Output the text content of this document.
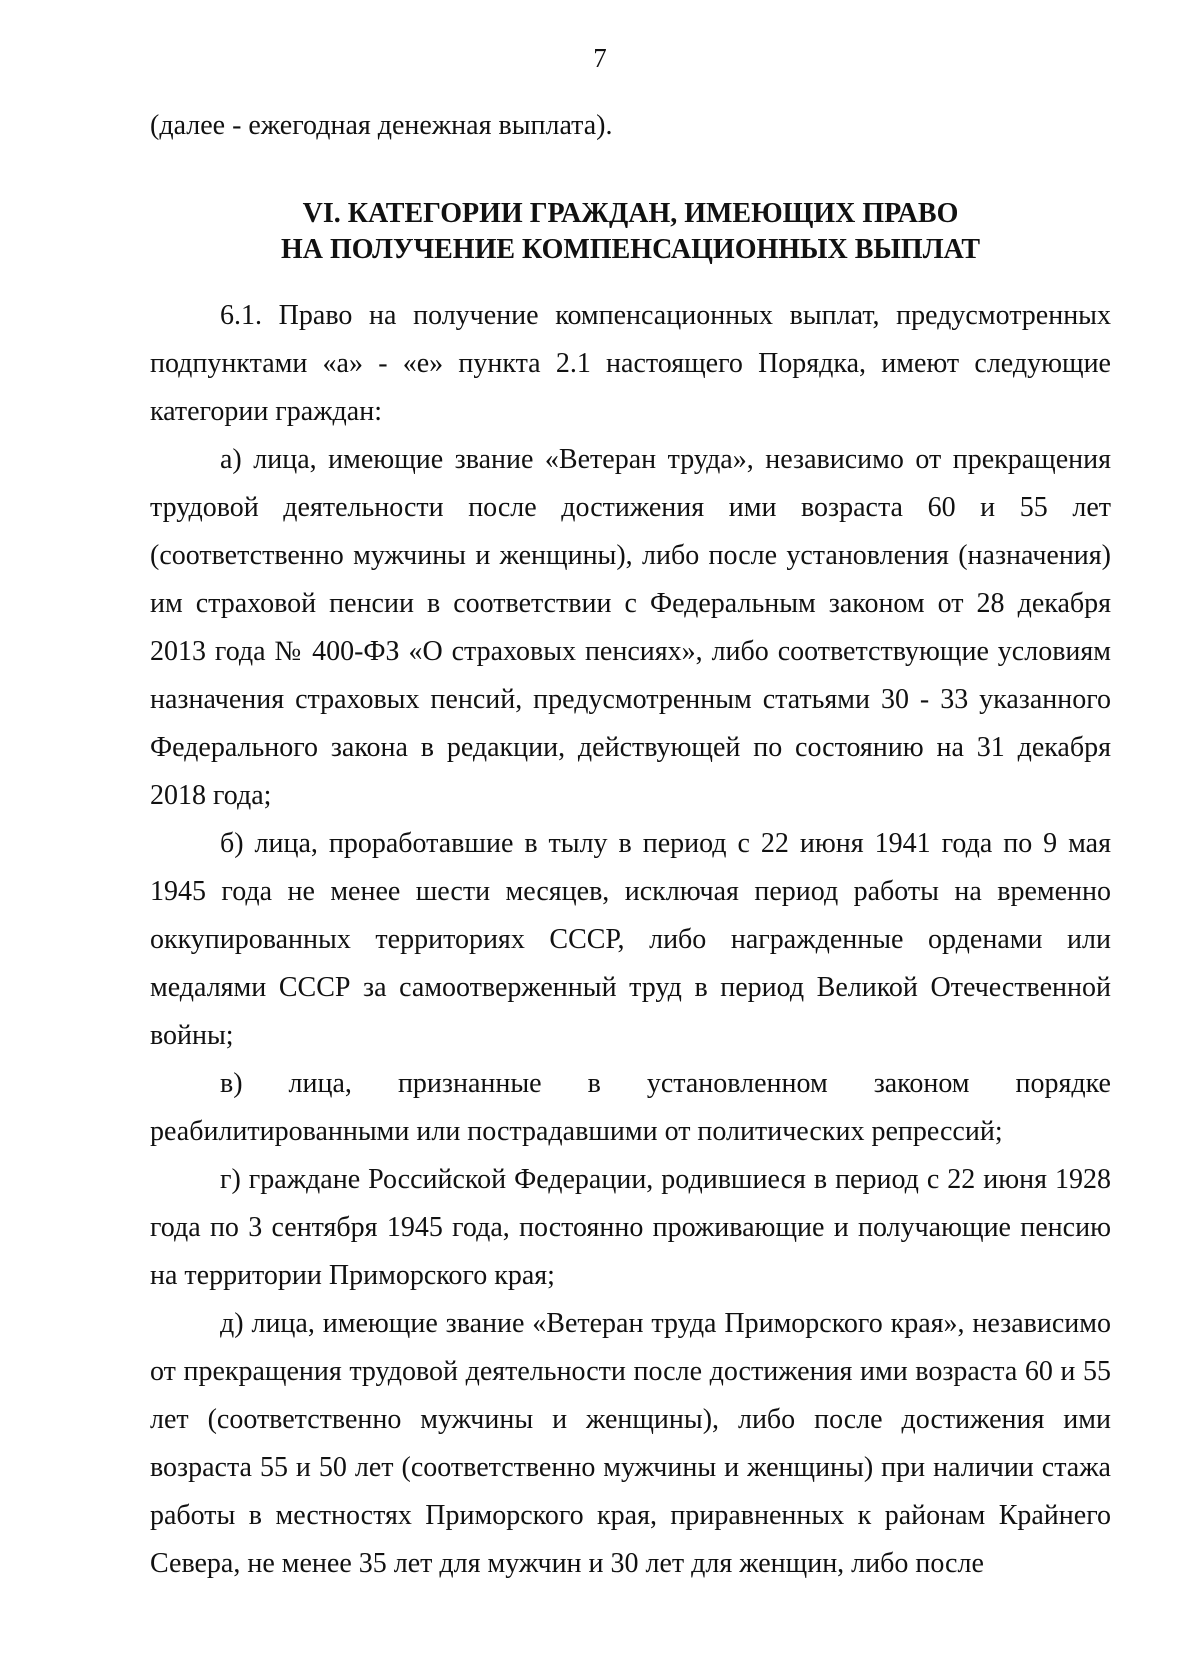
7

(далее - ежегодная денежная выплата).

VI. КАТЕГОРИИ ГРАЖДАН, ИМЕЮЩИХ ПРАВО
НА ПОЛУЧЕНИЕ КОМПЕНСАЦИОННЫХ ВЫПЛАТ

6.1. Право на получение компенсационных выплат, предусмотренных подпунктами «а» - «е» пункта 2.1 настоящего Порядка, имеют следующие категории граждан:

а) лица, имеющие звание «Ветеран труда», независимо от прекращения трудовой деятельности после достижения ими возраста 60 и 55 лет (соответственно мужчины и женщины), либо после установления (назначения) им страховой пенсии в соответствии с Федеральным законом от 28 декабря 2013 года № 400-ФЗ «О страховых пенсиях», либо соответствующие условиям назначения страховых пенсий, предусмотренным статьями 30 - 33 указанного Федерального закона в редакции, действующей по состоянию на 31 декабря 2018 года;

б) лица, проработавшие в тылу в период с 22 июня 1941 года по 9 мая 1945 года не менее шести месяцев, исключая период работы на временно оккупированных территориях СССР, либо награжденные орденами или медалями СССР за самоотверженный труд в период Великой Отечественной войны;

в) лица, признанные в установленном законом порядке реабилитированными или пострадавшими от политических репрессий;

г) граждане Российской Федерации, родившиеся в период с 22 июня 1928 года по 3 сентября 1945 года, постоянно проживающие и получающие пенсию на территории Приморского края;

д) лица, имеющие звание «Ветеран труда Приморского края», независимо от прекращения трудовой деятельности после достижения ими возраста 60 и 55 лет (соответственно мужчины и женщины), либо после достижения ими возраста 55 и 50 лет (соответственно мужчины и женщины) при наличии стажа работы в местностях Приморского края, приравненных к районам Крайнего Севера, не менее 35 лет для мужчин и 30 лет для женщин, либо после
